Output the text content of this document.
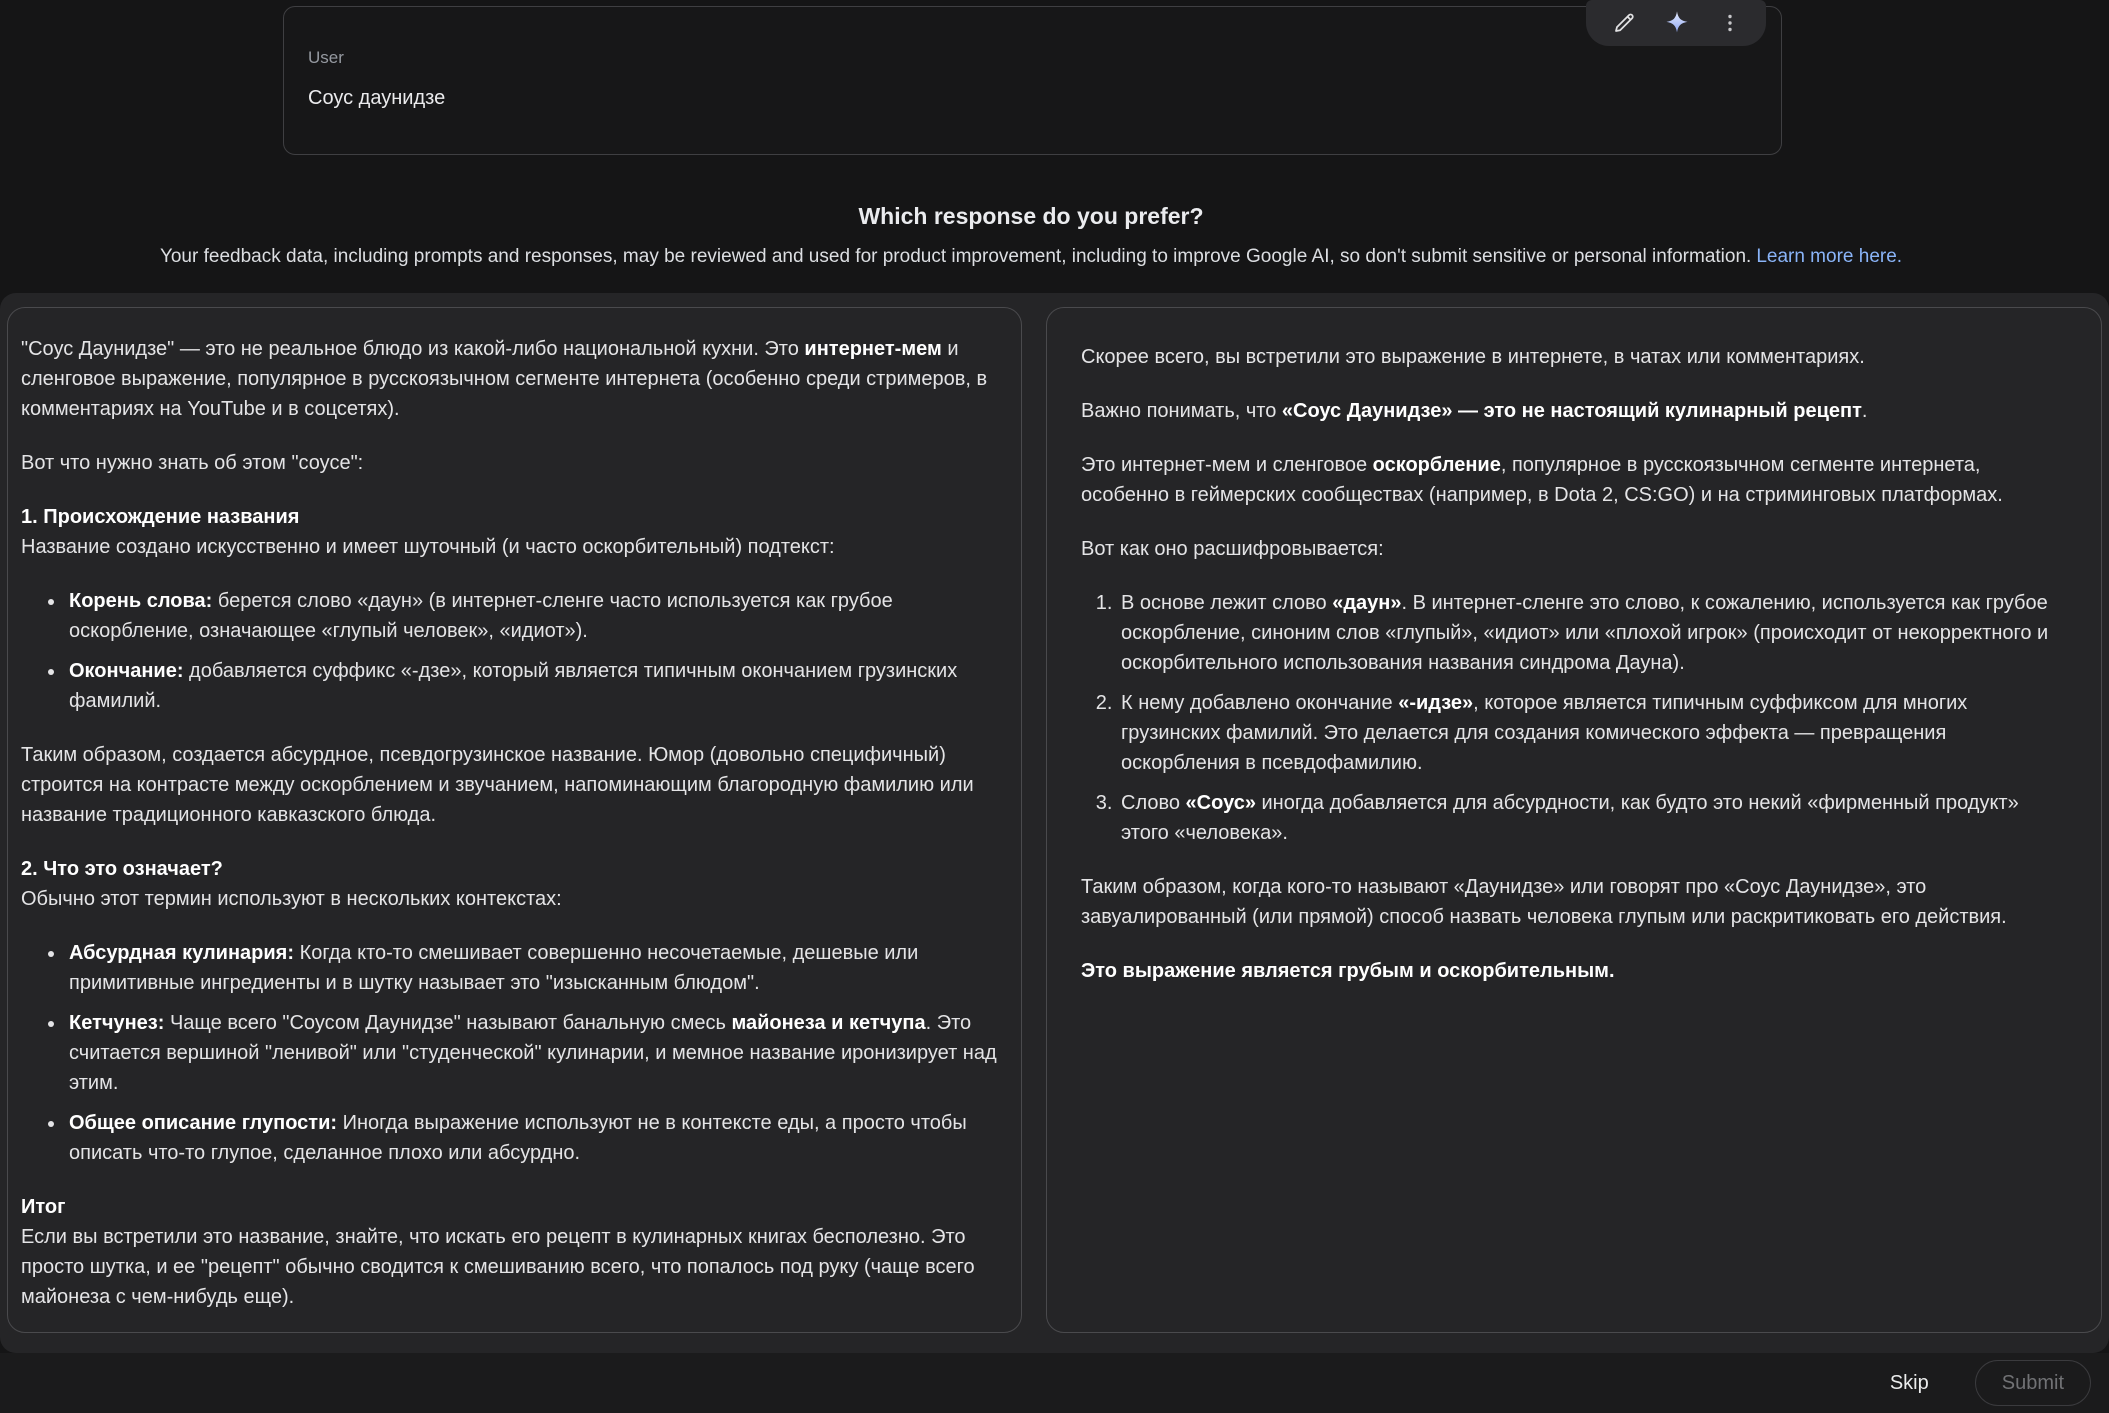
User
Соус даунидзе
Which response do you prefer?

Your feedback data, including prompts and responses, may be reviewed and used for product improvement, including to improve Google AI, so don't submit sensitive or personal information. Learn more here.

"Соус Даунидзе" — это не реальное блюдо из какой-либо национальной кухни. Это интернет-мем и сленговое выражение, популярное в русскоязычном сегменте интернета (особенно среди стримеров, в комментариях на YouTube и в соцсетях).

Вот что нужно знать об этом "соусе":

1. Происхождение названия

Название создано искусственно и имеет шуточный (и часто оскорбительный) подтекст:

• Корень слова: берется слово «даун» (в интернет-сленге часто используется как грубое оскорбление, означающее «глупый человек», «идиот»).
• Окончание: добавляется суффикс «-дзе», который является типичным окончанием грузинских фамилий.

Таким образом, создается абсурдное, псевдогрузинское название. Юмор (довольно специфичный) строится на контрасте между оскорблением и звучанием, напоминающим благородную фамилию или название традиционного кавказского блюда.

2. Что это означает?

Обычно этот термин используют в нескольких контекстах:

• Абсурдная кулинария: Когда кто-то смешивает совершенно несочетаемые, дешевые или примитивные ингредиенты и в шутку называет это "изысканным блюдом".
• Кетчунез: Чаще всего "Соусом Даунидзе" называют банальную смесь майонеза и кетчупа. Это считается вершиной "ленивой" или "студенческой" кулинарии, и мемное название иронизирует над этим.
• Общее описание глупости: Иногда выражение используют не в контексте еды, а просто чтобы описать что-то глупое, сделанное плохо или абсурдно.

Итог

Если вы встретили это название, знайте, что искать его рецепт в кулинарных книгах бесполезно. Это просто шутка, и ее "рецепт" обычно сводится к смешиванию всего, что попалось под руку (чаще всего майонеза с чем-нибудь еще).

Скорее всего, вы встретили это выражение в интернете, в чатах или комментариях.

Важно понимать, что «Соус Даунидзе» — это не настоящий кулинарный рецепт.

Это интернет-мем и сленговое оскорбление, популярное в русскоязычном сегменте интернета, особенно в геймерских сообществах (например, в Dota 2, CS:GO) и на стриминговых платформах.

Вот как оно расшифровывается:

1. В основе лежит слово «даун». В интернет-сленге это слово, к сожалению, используется как грубое оскорбление, синоним слов «глупый», «идиот» или «плохой игрок» (происходит от некорректного и оскорбительного использования названия синдрома Дауна).
2. К нему добавлено окончание «-идзе», которое является типичным суффиксом для многих грузинских фамилий. Это делается для создания комического эффекта — превращения оскорбления в псевдофамилию.
3. Слово «Соус» иногда добавляется для абсурдности, как будто это некий «фирменный продукт» этого «человека».

Таким образом, когда кого-то называют «Даунидзе» или говорят про «Соус Даунидзе», это завуалированный (или прямой) способ назвать человека глупым или раскритиковать его действия.

Это выражение является грубым и оскорбительным.

Skip	Submit
